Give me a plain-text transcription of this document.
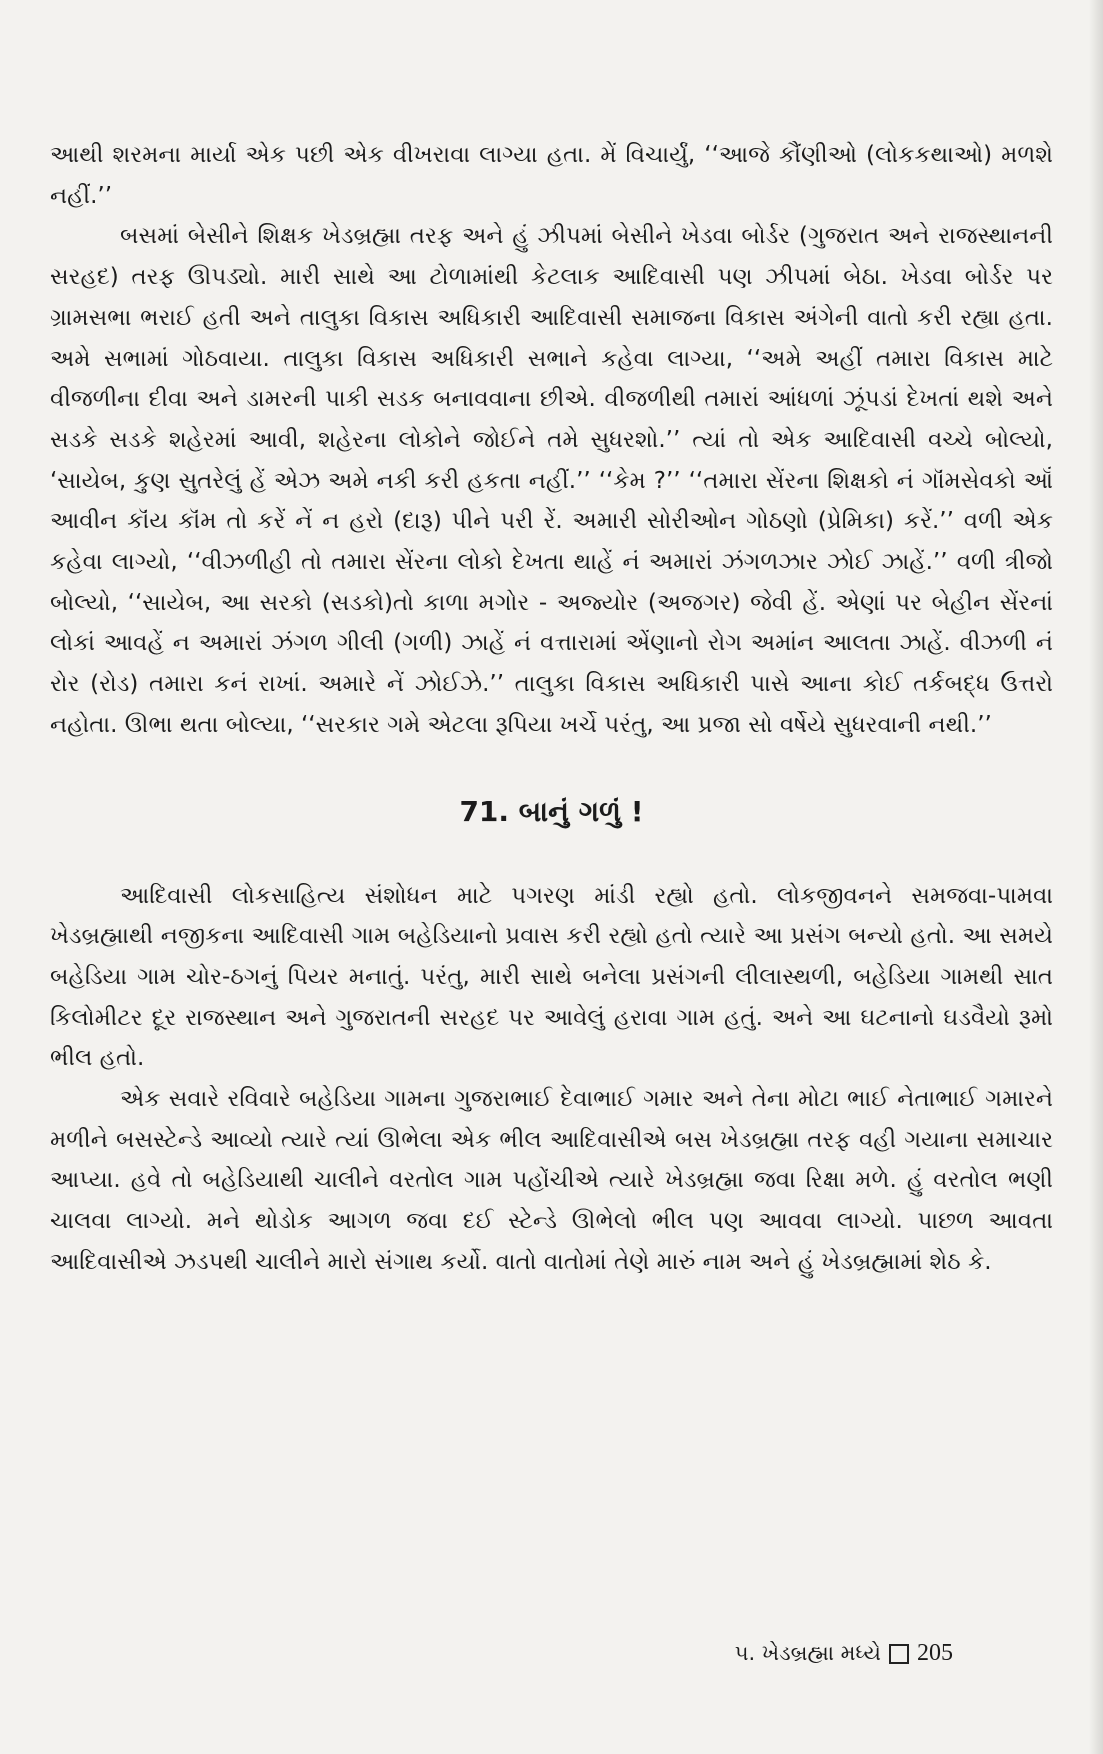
આથી શરમના માર્યા એક પછી એક વીખરાવા લાગ્યા હતા. મેં વિચાર્યું, ‘‘આજે કૌંણીઓ (લોકકથાઓ) મળશે નહીં.’’

બસમાં બેસીને શિક્ષક ખેડબ્રહ્મા તરફ અને હું ઝીપમાં બેસીને ખેડવા બોર્ડર (ગુજરાત અને રાજસ્થાનની સરહદ) તરફ ઊપડ્યો. મારી સાથે આ ટોળામાંથી કેટલાક આદિવાસી પણ ઝીપમાં બેઠા. ખેડવા બોર્ડર પર ગ્રામસભા ભરાઈ હતી અને તાલુકા વિકાસ અધિકારી આદિવાસી સમાજના વિકાસ અંગેની વાતો કરી રહ્યા હતા. અમે સભામાં ગોઠવાયા. તાલુકા વિકાસ અધિકારી સભાને કહેવા લાગ્યા, ‘‘અમે અહીં તમારા વિકાસ માટે વીજળીના દીવા અને ડામરની પાકી સડક બનાવવાના છીએ. વીજળીથી તમારાં આંધળાં ઝૂંપડાં દેખતાં થશે અને સડકે સડકે શહેરમાં આવી, શહેરના લોકોને જોઈને તમે સુધરશો.’’ ત્યાં તો એક આદિવાસી વચ્ચે બોલ્યો, ‘સાયેબ, કુણ સુતરેલું હેં એઝ અમે નકી કરી હકતા નહીં.’’ ‘‘કેમ ?’’ ‘‘તમારા સેંરના શિક્ષકો નં ગૉંમસેવકો ઑં આવીન કૉંય કૉંમ તો કરેં નેં ન હરો (દારૂ) પીને પરી રેં. અમારી સોરીઓન ગોઠણો (પ્રેમિકા) કરેં.’’ વળી એક કહેવા લાગ્યો, ‘‘વીઝળીહી તો તમારા સેંરના લોકો દેખતા થાહેં નં અમારાં ઝંગળઝાર ઝોઈ ઝાહેં.’’ વળી ત્રીજો બોલ્યો, ‘‘સાયેબ, આ સરકો (સડકો)તો કાળા મગોર - અજ્યોર (અજગર) જેવી હેં. એણાં પર બેહીન સેંરનાં લોકાં આવહેં ન અમારાં ઝંગળ ગીલી (ગળી) ઝાહેં નં વત્તારામાં એંણાનો રોગ અમાંન આલતા ઝાહેં. વીઝળી નં રોર (રોડ) તમારા કનં રાખાં. અમારે નેં ઝોઈઝે.’’ તાલુકા વિકાસ અધિકારી પાસે આના કોઈ તર્કબદ્ધ ઉત્તરો નહોતા. ઊભા થતા બોલ્યા, ‘‘સરકાર ગમે એટલા રૂપિયા ખર્ચે પરંતુ, આ પ્રજા સો વર્ષેયે સુધરવાની નથી.’’

71. બાનું ગળું !

આદિવાસી લોકસાહિત્ય સંશોધન માટે પગરણ માંડી રહ્યો હતો. લોકજીવનને સમજવા-પામવા ખેડબ્રહ્માથી નજીકના આદિવાસી ગામ બહેડિયાનો પ્રવાસ કરી રહ્યો હતો ત્યારે આ પ્રસંગ બન્યો હતો. આ સમયે બહેડિયા ગામ ચોર-ઠગનું પિયર મનાતું. પરંતુ, મારી સાથે બનેલા પ્રસંગની લીલાસ્થળી, બહેડિયા ગામથી સાત કિલોમીટર દૂર રાજસ્થાન અને ગુજરાતની સરહદ પર આવેલું હરાવા ગામ હતું. અને આ ઘટનાનો ઘડવૈયો રૂમો ભીલ હતો.

એક સવારે રવિવારે બહેડિયા ગામના ગુજરાભાઈ દેવાભાઈ ગમાર અને તેના મોટા ભાઈ નેતાભાઈ ગમારને મળીને બસસ્ટેન્ડે આવ્યો ત્યારે ત્યાં ઊભેલા એક ભીલ આદિવાસીએ બસ ખેડબ્રહ્મા તરફ વહી ગયાના સમાચાર આપ્યા. હવે તો બહેડિયાથી ચાલીને વરતોલ ગામ પહોંચીએ ત્યારે ખેડબ્રહ્મા જવા રિક્ષા મળે. હું વરતોલ ભણી ચાલવા લાગ્યો. મને થોડોક આગળ જવા દઈ સ્ટેન્ડે ઊભેલો ભીલ પણ આવવા લાગ્યો. પાછળ આવતા આદિવાસીએ ઝડપથી ચાલીને મારો સંગાથ કર્યો. વાતો વાતોમાં તેણે મારું નામ અને હું ખેડબ્રહ્મામાં શેઠ કે.

૫. ખેડબ્રહ્મા મધ્યે 205
